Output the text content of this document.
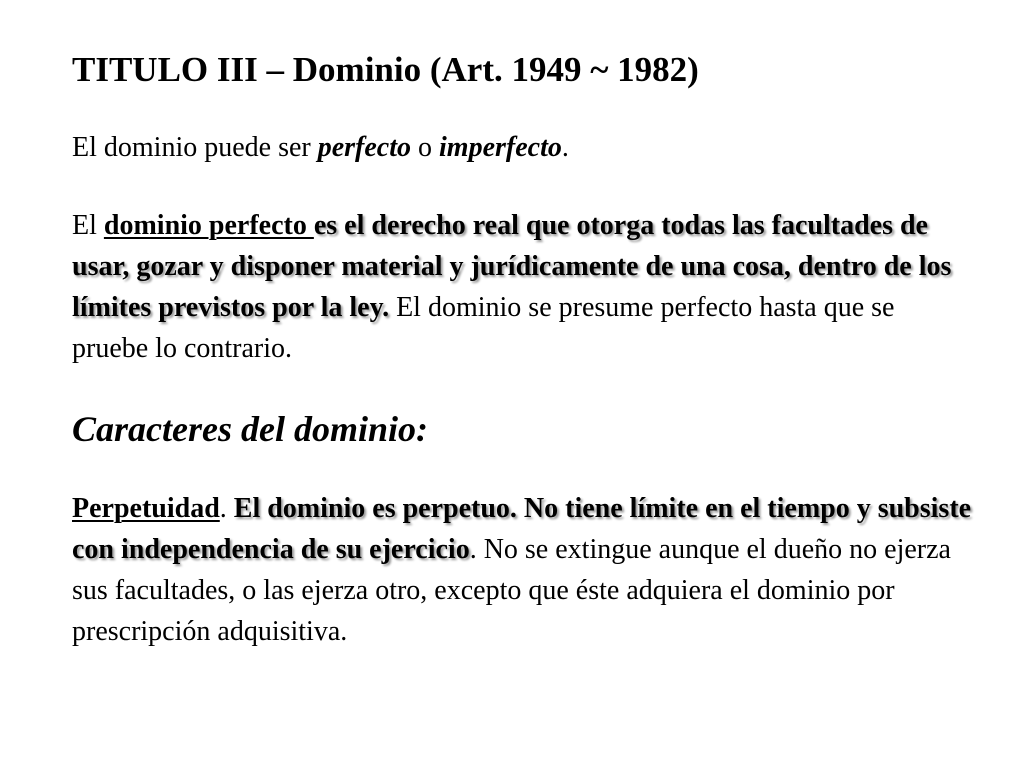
TITULO III – Dominio (Art. 1949 ~ 1982)

El dominio puede ser perfecto o imperfecto.

El dominio perfecto es el derecho real que otorga todas las facultades de usar, gozar y disponer material y jurídicamente de una cosa, dentro de los límites previstos por la ley. El dominio se presume perfecto hasta que se pruebe lo contrario.

Caracteres del dominio:

Perpetuidad. El dominio es perpetuo. No tiene límite en el tiempo y subsiste con independencia de su ejercicio. No se extingue aunque el dueño no ejerza sus facultades, o las ejerza otro, excepto que éste adquiera el dominio por prescripción adquisitiva.
